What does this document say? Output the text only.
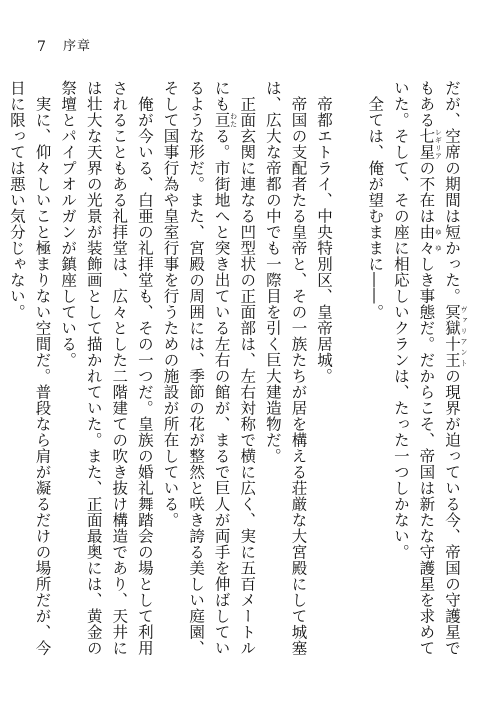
7 序章

だが、空席の期間は短かった。冥獄十王 ヴァリアントの現界が迫っている今、帝国の守護星でもある七星 レギリアの不在は由々 ゆゆしき事態だ。だからこそ、帝国は新たな守護星を求めていた。そして、その座に相応しいクランは、たった一つしかない。

全ては、俺が望むままに――。

帝都エトライ、中央特別区、皇帝居城。

帝国の支配者たる皇帝と、その一族たちが居を構える荘厳な大宮殿にして城塞は、広大な帝都の中でも一際目を引く巨大建造物だ。

正面玄関に連なる凹型状の正面部は、左右対称で横に広く、実に五百メートルにも亘 わたる。市街地へと突き出ている左右の館が、まるで巨人が両手を伸ばしているような形だ。また、宮殿の周囲には、季節の花が整然と咲き誇る美しい庭園、そして国事行為や皇室行事を行うための施設が所在している。

俺が今いる、白亜の礼拝堂も、その一つだ。皇族の婚礼舞踏会の場として利用されることもある礼拝堂は、広々とした二階建ての吹き抜け構造であり、天井には壮大な天界の光景が装飾画として描かれていた。また、正面最奥には、黄金の祭壇とパイプオルガンが鎮座している。

実に、仰々しいこと極まりない空間だ。普段なら肩が凝るだけの場所だが、今日に限っては悪い気分じゃない。
